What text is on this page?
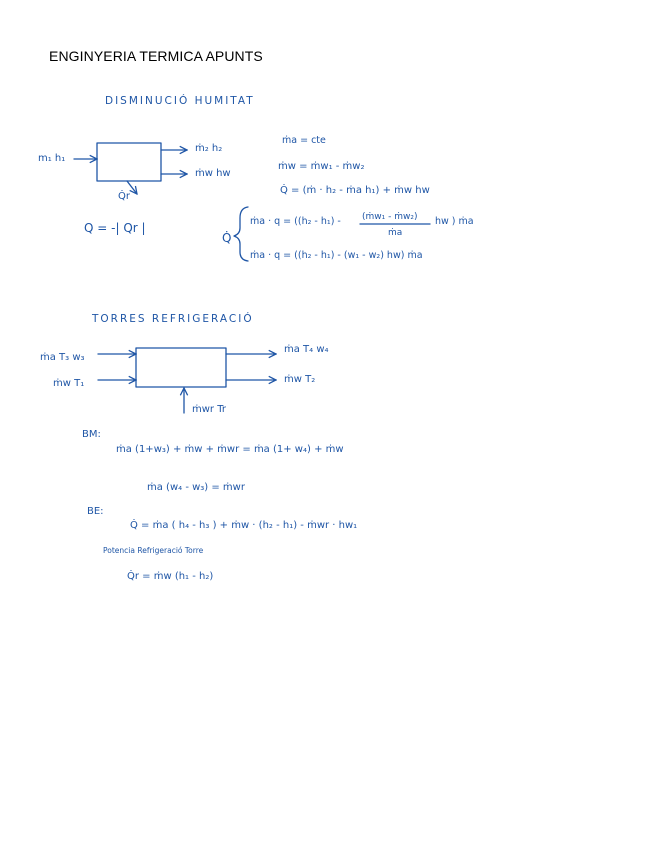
ENGINYERIA TERMICA APUNTS
DISMINUCIÓ HUMITAT
m₁ h₁
ṁ₂ h₂
ṁw hw
Q̇r
Q = -| Qr |
ṁa = cte
ṁw = ṁw₁ - ṁw₂
Q̇ = (ṁ · h₂ - ṁa h₁) + ṁw hw
Q̇
ṁa · q = ((h₂ - h₁) - (ṁw₁ - ṁw₂)
ṁa
hw ) ṁa
ṁa · q = ((h₂ - h₁) - (w₁ - w₂) hw) ṁa
TORRES REFRIGERACIÓ
ṁa T₃ w₃
ṁw T₁
ṁa T₄ w₄
ṁw T₂
ṁwr Tr
BM:
ṁa (1+w₃) + ṁw + ṁwr = ṁa (1+ w₄) + ṁw
ṁa (w₄ - w₃) = ṁwr
BE:
Q̇ = ṁa ( h₄ - h₃ ) + ṁw · (h₂ - h₁) - ṁwr · hw₁
Potencia Refrigeració Torre
Q̇r = ṁw (h₁ - h₂)
